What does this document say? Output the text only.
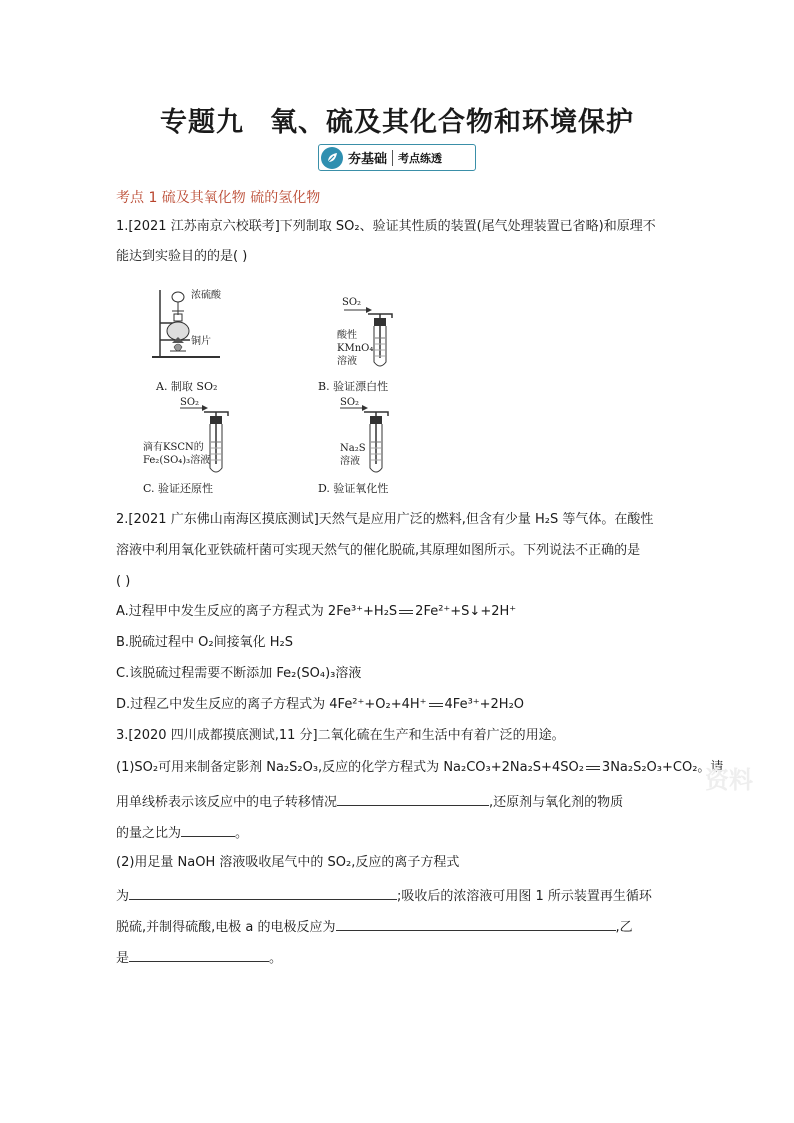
专题九 氧、硫及其化合物和环境保护
夯基础 考点练透
考点 1 硫及其氧化物 硫的氢化物
1.[2021 江苏南京六校联考]下列制取 SO₂、验证其性质的装置(尾气处理装置已省略)和原理不
能达到实验目的的是( )
浓硫酸
铜片
A. 制取 SO₂
SO₂
酸性
KMnO₄
溶液
B. 验证漂白性
SO₂
滴有KSCN的
Fe₂(SO₄)₃溶液
C. 验证还原性
SO₂
Na₂S
溶液
D. 验证氧化性
2.[2021 广东佛山南海区摸底测试]天然气是应用广泛的燃料,但含有少量 H₂S 等气体。在酸性
溶液中利用氧化亚铁硫杆菌可实现天然气的催化脱硫,其原理如图所示。下列说法不正确的是
( )
A.过程甲中发生反应的离子方程式为 2Fe³⁺+H₂S 2Fe²⁺+S↓+2H⁺
B.脱硫过程中 O₂间接氧化 H₂S
C.该脱硫过程需要不断添加 Fe₂(SO₄)₃溶液
D.过程乙中发生反应的离子方程式为 4Fe²⁺+O₂+4H⁺ 4Fe³⁺+2H₂O
3.[2020 四川成都摸底测试,11 分]二氧化硫在生产和生活中有着广泛的用途。
(1)SO₂可用来制备定影剂 Na₂S₂O₃,反应的化学方程式为 Na₂CO₃+2Na₂S+4SO₂ 3Na₂S₂O₃+CO₂。请
用单线桥表示该反应中的电子转移情况	,还原剂与氧化剂的物质
的量之比为	。
(2)用足量 NaOH 溶液吸收尾气中的 SO₂,反应的离子方程式
为	;吸收后的浓溶液可用图 1 所示装置再生循环
脱硫,并制得硫酸,电极 a 的电极反应为	,乙
是	。
资料
